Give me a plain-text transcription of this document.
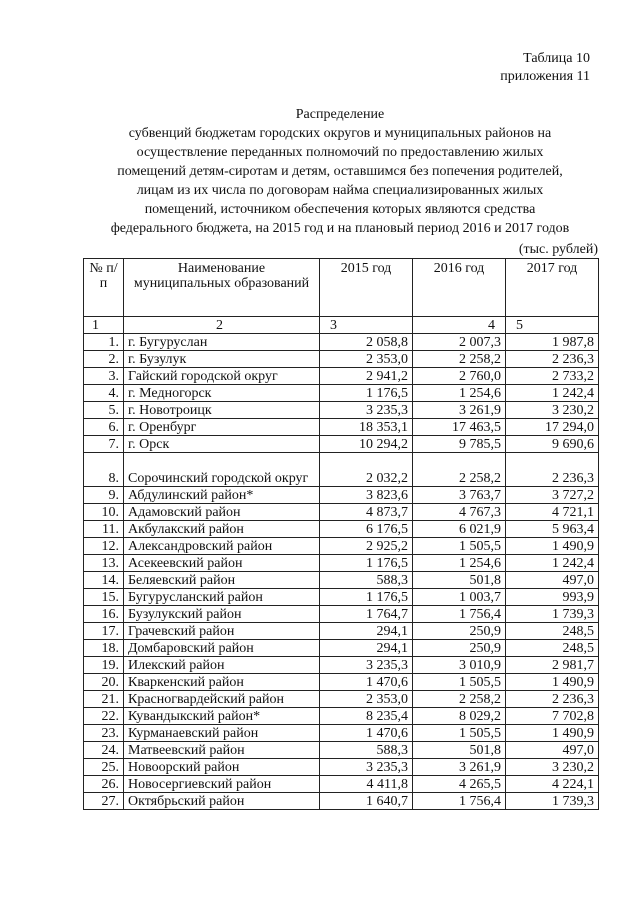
Таблица 10
приложения 11
Распределение
субвенций бюджетам городских округов и муниципальных районов на
осуществление переданных полномочий по предоставлению жилых
помещений детям-сиротам и детям, оставшимся без попечения родителей,
лицам из их числа по договорам найма специализированных жилых
помещений, источником обеспечения которых являются средства
федерального бюджета, на 2015 год и на плановый период 2016 и 2017 годов
(тыс. рублей)
№ п/п	Наименование муниципальных образований	2015 год	2016 год	2017 год
1	2	3	4	5
1.	г. Бугуруслан	2 058,8	2 007,3	1 987,8
2.	г. Бузулук	2 353,0	2 258,2	2 236,3
3.	Гайский городской округ	2 941,2	2 760,0	2 733,2
4.	г. Медногорск	1 176,5	1 254,6	1 242,4
5.	г. Новотроицк	3 235,3	3 261,9	3 230,2
6.	г. Оренбург	18 353,1	17 463,5	17 294,0
7.	г. Орск	10 294,2	9 785,5	9 690,6
8.	Сорочинский городской округ	2 032,2	2 258,2	2 236,3
9.	Абдулинский район*	3 823,6	3 763,7	3 727,2
10.	Адамовский район	4 873,7	4 767,3	4 721,1
11.	Акбулакский район	6 176,5	6 021,9	5 963,4
12.	Александровский район	2 925,2	1 505,5	1 490,9
13.	Асекеевский район	1 176,5	1 254,6	1 242,4
14.	Беляевский район	588,3	501,8	497,0
15.	Бугурусланский район	1 176,5	1 003,7	993,9
16.	Бузулукский район	1 764,7	1 756,4	1 739,3
17.	Грачевский район	294,1	250,9	248,5
18.	Домбаровский район	294,1	250,9	248,5
19.	Илекский район	3 235,3	3 010,9	2 981,7
20.	Кваркенский район	1 470,6	1 505,5	1 490,9
21.	Красногвардейский район	2 353,0	2 258,2	2 236,3
22.	Кувандыкский район*	8 235,4	8 029,2	7 702,8
23.	Курманаевский район	1 470,6	1 505,5	1 490,9
24.	Матвеевский район	588,3	501,8	497,0
25.	Новоорский район	3 235,3	3 261,9	3 230,2
26.	Новосергиевский район	4 411,8	4 265,5	4 224,1
27.	Октябрьский район	1 640,7	1 756,4	1 739,3
